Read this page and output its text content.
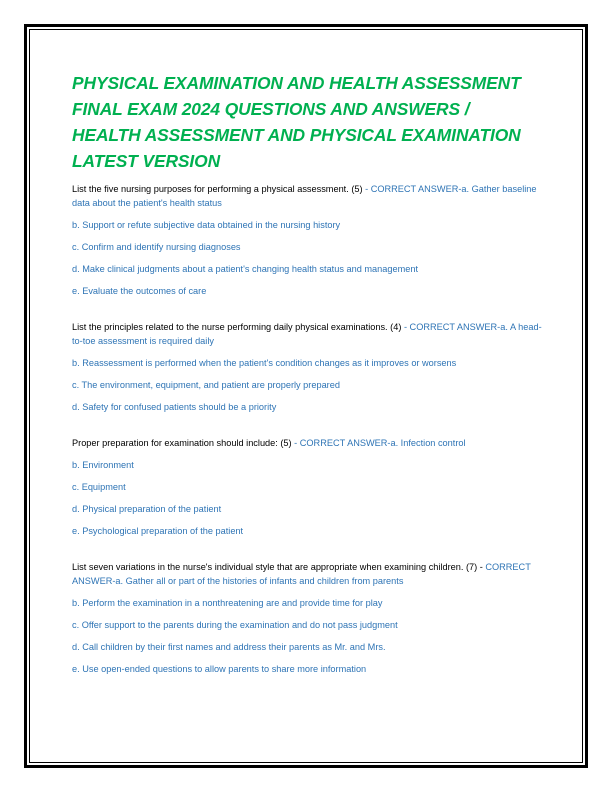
PHYSICAL EXAMINATION AND HEALTH ASSESSMENT FINAL EXAM 2024 QUESTIONS AND ANSWERS / HEALTH ASSESSMENT AND PHYSICAL EXAMINATION LATEST VERSION

List the five nursing purposes for performing a physical assessment. (5) - CORRECT ANSWER-a. Gather baseline data about the patient's health status

b. Support or refute subjective data obtained in the nursing history

c. Confirm and identify nursing diagnoses

d. Make clinical judgments about a patient's changing health status and management

e. Evaluate the outcomes of care

List the principles related to the nurse performing daily physical examinations. (4) - CORRECT ANSWER-a. A head-to-toe assessment is required daily

b. Reassessment is performed when the patient's condition changes as it improves or worsens

c. The environment, equipment, and patient are properly prepared

d. Safety for confused patients should be a priority

Proper preparation for examination should include: (5) - CORRECT ANSWER-a. Infection control

b. Environment

c. Equipment

d. Physical preparation of the patient

e. Psychological preparation of the patient

List seven variations in the nurse's individual style that are appropriate when examining children. (7) - CORRECT ANSWER-a. Gather all or part of the histories of infants and children from parents

b. Perform the examination in a nonthreatening are and provide time for play

c. Offer support to the parents during the examination and do not pass judgment

d. Call children by their first names and address their parents as Mr. and Mrs.

e. Use open-ended questions to allow parents to share more information
